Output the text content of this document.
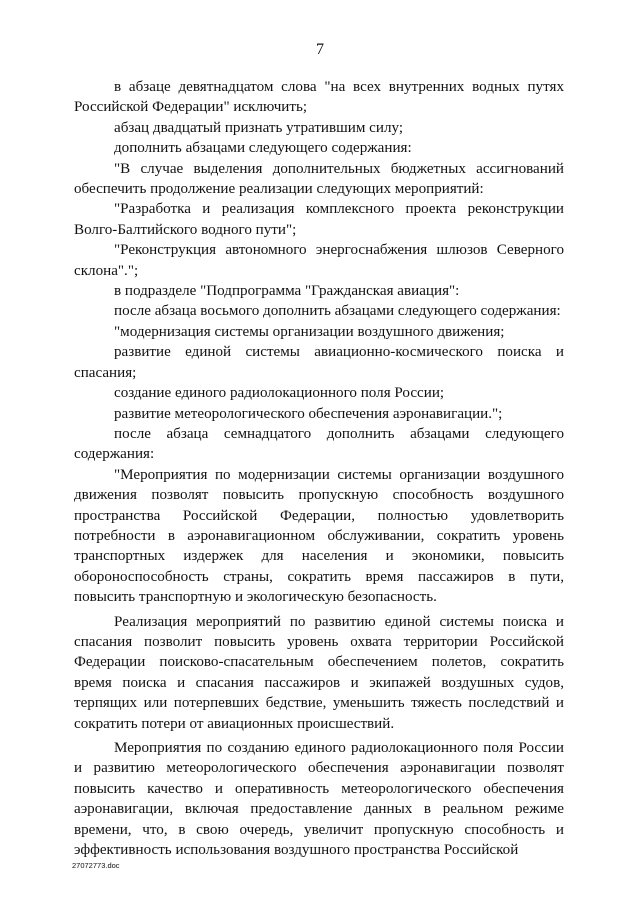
7

в абзаце девятнадцатом слова "на всех внутренних водных путях Российской Федерации" исключить;

абзац двадцатый признать утратившим силу;

дополнить абзацами следующего содержания:

"В случае выделения дополнительных бюджетных ассигнований обеспечить продолжение реализации следующих мероприятий:

"Разработка и реализация комплексного проекта реконструкции Волго-Балтийского водного пути";

"Реконструкция автономного энергоснабжения шлюзов Северного склона".";

в подразделе "Подпрограмма "Гражданская авиация":

после абзаца восьмого дополнить абзацами следующего содержания:

"модернизация системы организации воздушного движения;

развитие единой системы авиационно-космического поиска и спасания;

создание единого радиолокационного поля России;

развитие метеорологического обеспечения аэронавигации.";

после абзаца семнадцатого дополнить абзацами следующего содержания:

"Мероприятия по модернизации системы организации воздушного движения позволят повысить пропускную способность воздушного пространства Российской Федерации, полностью удовлетворить потребности в аэронавигационном обслуживании, сократить уровень транспортных издержек для населения и экономики, повысить обороноспособность страны, сократить время пассажиров в пути, повысить транспортную и экологическую безопасность.

Реализация мероприятий по развитию единой системы поиска и спасания позволит повысить уровень охвата территории Российской Федерации поисково-спасательным обеспечением полетов, сократить время поиска и спасания пассажиров и экипажей воздушных судов, терпящих или потерпевших бедствие, уменьшить тяжесть последствий и сократить потери от авиационных происшествий.

Мероприятия по созданию единого радиолокационного поля России и развитию метеорологического обеспечения аэронавигации позволят повысить качество и оперативность метеорологического обеспечения аэронавигации, включая предоставление данных в реальном режиме времени, что, в свою очередь, увеличит пропускную способность и эффективность использования воздушного пространства Российской

27072773.doc
